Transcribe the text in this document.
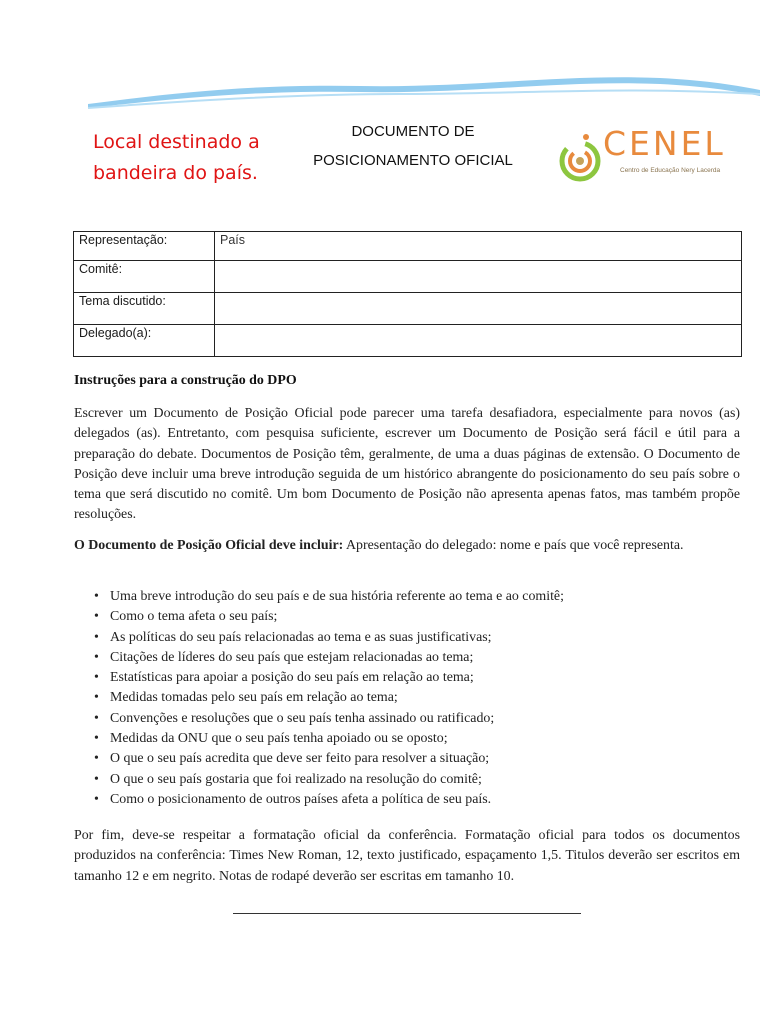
Local destinado a
bandeira do país.
DOCUMENTO DE
POSICIONAMENTO OFICIAL	CENEL
Centro de Educação Nery Lacerda
Representação:	País
Comitê:	
Tema discutido:	
Delegado(a):	
Instruções para a construção do DPO
Escrever um Documento de Posição Oficial pode parecer uma tarefa desafiadora, especialmente para novos (as) delegados (as). Entretanto, com pesquisa suficiente, escrever um Documento de Posição será fácil e útil para a preparação do debate. Documentos de Posição têm, geralmente, de uma a duas páginas de extensão. O Documento de Posição deve incluir uma breve introdução seguida de um histórico abrangente do posicionamento do seu país sobre o tema que será discutido no comitê. Um bom Documento de Posição não apresenta apenas fatos, mas também propõe resoluções.
O Documento de Posição Oficial deve incluir: Apresentação do delegado: nome e país que você representa.
• Uma breve introdução do seu país e de sua história referente ao tema e ao comitê;
• Como o tema afeta o seu país;
• As políticas do seu país relacionadas ao tema e as suas justificativas;
• Citações de líderes do seu país que estejam relacionadas ao tema;
• Estatísticas para apoiar a posição do seu país em relação ao tema;
• Medidas tomadas pelo seu país em relação ao tema;
• Convenções e resoluções que o seu país tenha assinado ou ratificado;
• Medidas da ONU que o seu país tenha apoiado ou se oposto;
• O que o seu país acredita que deve ser feito para resolver a situação;
• O que o seu país gostaria que foi realizado na resolução do comitê;
• Como o posicionamento de outros países afeta a política de seu país.
Por fim, deve-se respeitar a formatação oficial da conferência. Formatação oficial para todos os documentos produzidos na conferência: Times New Roman, 12, texto justificado, espaçamento 1,5. Titulos deverão ser escritos em tamanho 12 e em negrito. Notas de rodapé deverão ser escritas em tamanho 10.
